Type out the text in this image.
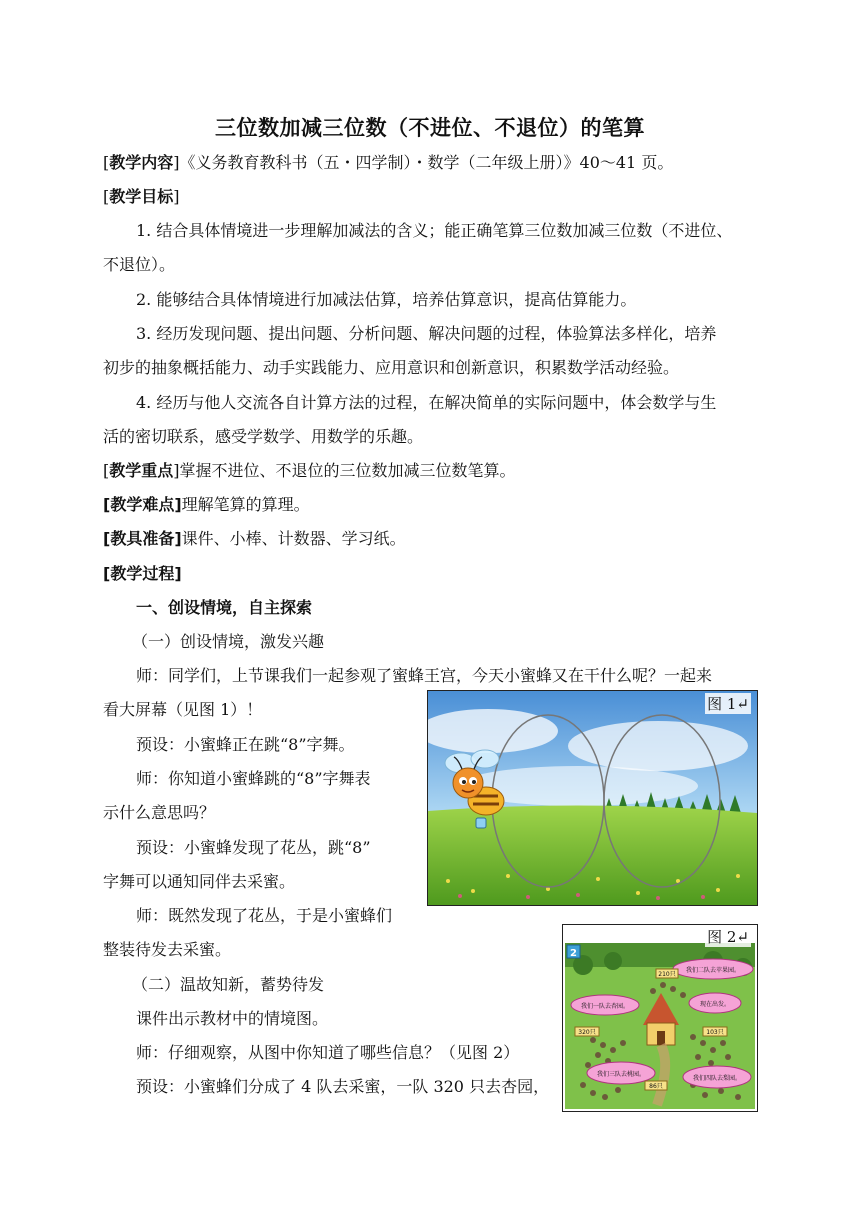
三位数加减三位数（不进位、不退位）的笔算
[教学内容]《义务教育教科书（五・四学制）・数学（二年级上册）》40～41 页。
[教学目标]
1. 结合具体情境进一步理解加减法的含义；能正确笔算三位数加减三位数（不进位、
不退位）。
2. 能够结合具体情境进行加减法估算，培养估算意识，提高估算能力。
3. 经历发现问题、提出问题、分析问题、解决问题的过程，体验算法多样化，培养
初步的抽象概括能力、动手实践能力、应用意识和创新意识，积累数学活动经验。
4. 经历与他人交流各自计算方法的过程，在解决简单的实际问题中，体会数学与生
活的密切联系，感受学数学、用数学的乐趣。
[教学重点]掌握不进位、不退位的三位数加减三位数笔算。
[教学难点]理解笔算的算理。
[教具准备]课件、小棒、计数器、学习纸。
[教学过程]
一、创设情境，自主探索
（一）创设情境，激发兴趣
师：同学们，上节课我们一起参观了蜜蜂王宫，今天小蜜蜂又在干什么呢？一起来
看大屏幕（见图 1）！
预设：小蜜蜂正在跳“8”字舞。
师：你知道小蜜蜂跳的“8”字舞表
示什么意思吗？
预设：小蜜蜂发现了花丛，跳“8”
字舞可以通知同伴去采蜜。
师：既然发现了花丛，于是小蜜蜂们
整装待发去采蜜。
（二）温故知新，蓄势待发
课件出示教材中的情境图。
师：仔细观察，从图中你知道了哪些信息？（见图 2）
预设：小蜜蜂们分成了 4 队去采蜜，一队 320 只去杏园，
图 1↵
2
我们二队去苹果园。
210只
我们一队去杏园。	现在出发。
320只	103只
我们三队去桃园。
我们四队去梨园。
86只
图 2↵
